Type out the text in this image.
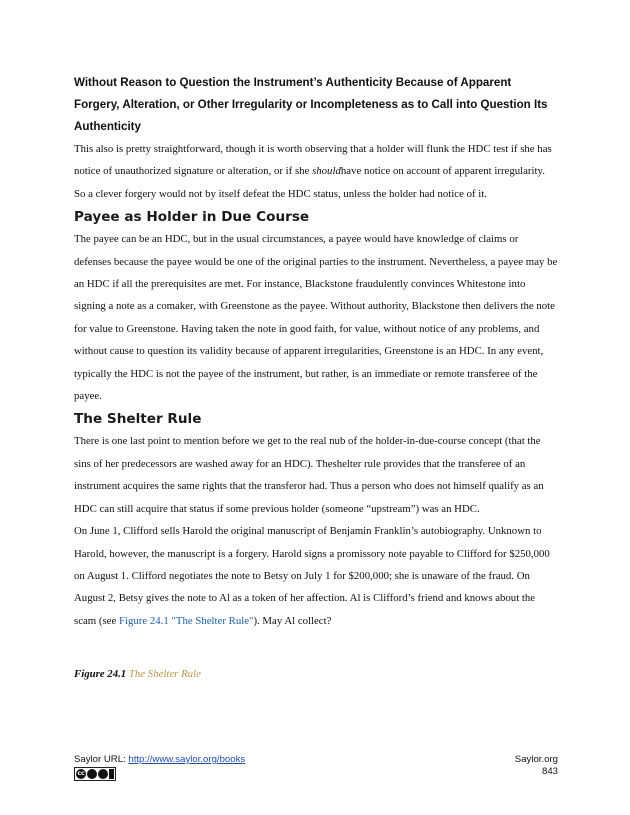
Without Reason to Question the Instrument’s Authenticity Because of Apparent Forgery, Alteration, or Other Irregularity or Incompleteness as to Call into Question Its Authenticity

This also is pretty straightforward, though it is worth observing that a holder will flunk the HDC test if she has notice of unauthorized signature or alteration, or if she shouldhave notice on account of apparent irregularity. So a clever forgery would not by itself defeat the HDC status, unless the holder had notice of it.

Payee as Holder in Due Course

The payee can be an HDC, but in the usual circumstances, a payee would have knowledge of claims or defenses because the payee would be one of the original parties to the instrument. Nevertheless, a payee may be an HDC if all the prerequisites are met. For instance, Blackstone fraudulently convinces Whitestone into signing a note as a comaker, with Greenstone as the payee. Without authority, Blackstone then delivers the note for value to Greenstone. Having taken the note in good faith, for value, without notice of any problems, and without cause to question its validity because of apparent irregularities, Greenstone is an HDC. In any event, typically the HDC is not the payee of the instrument, but rather, is an immediate or remote transferee of the payee.

The Shelter Rule

There is one last point to mention before we get to the real nub of the holder-in-due-course concept (that the sins of her predecessors are washed away for an HDC). Theshelter rule provides that the transferee of an instrument acquires the same rights that the transferor had. Thus a person who does not himself qualify as an HDC can still acquire that status if some previous holder (someone “upstream”) was an HDC.

On June 1, Clifford sells Harold the original manuscript of Benjamin Franklin’s autobiography. Unknown to Harold, however, the manuscript is a forgery. Harold signs a promissory note payable to Clifford for $250,000 on August 1. Clifford negotiates the note to Betsy on July 1 for $200,000; she is unaware of the fraud. On August 2, Betsy gives the note to Al as a token of her affection. Al is Clifford’s friend and knows about the scam (see Figure 24.1 "The Shelter Rule"). May Al collect?

Figure 24.1 The Shelter Rule
Saylor URL: http://www.saylor.org/books
cc
Saylor.org
843
